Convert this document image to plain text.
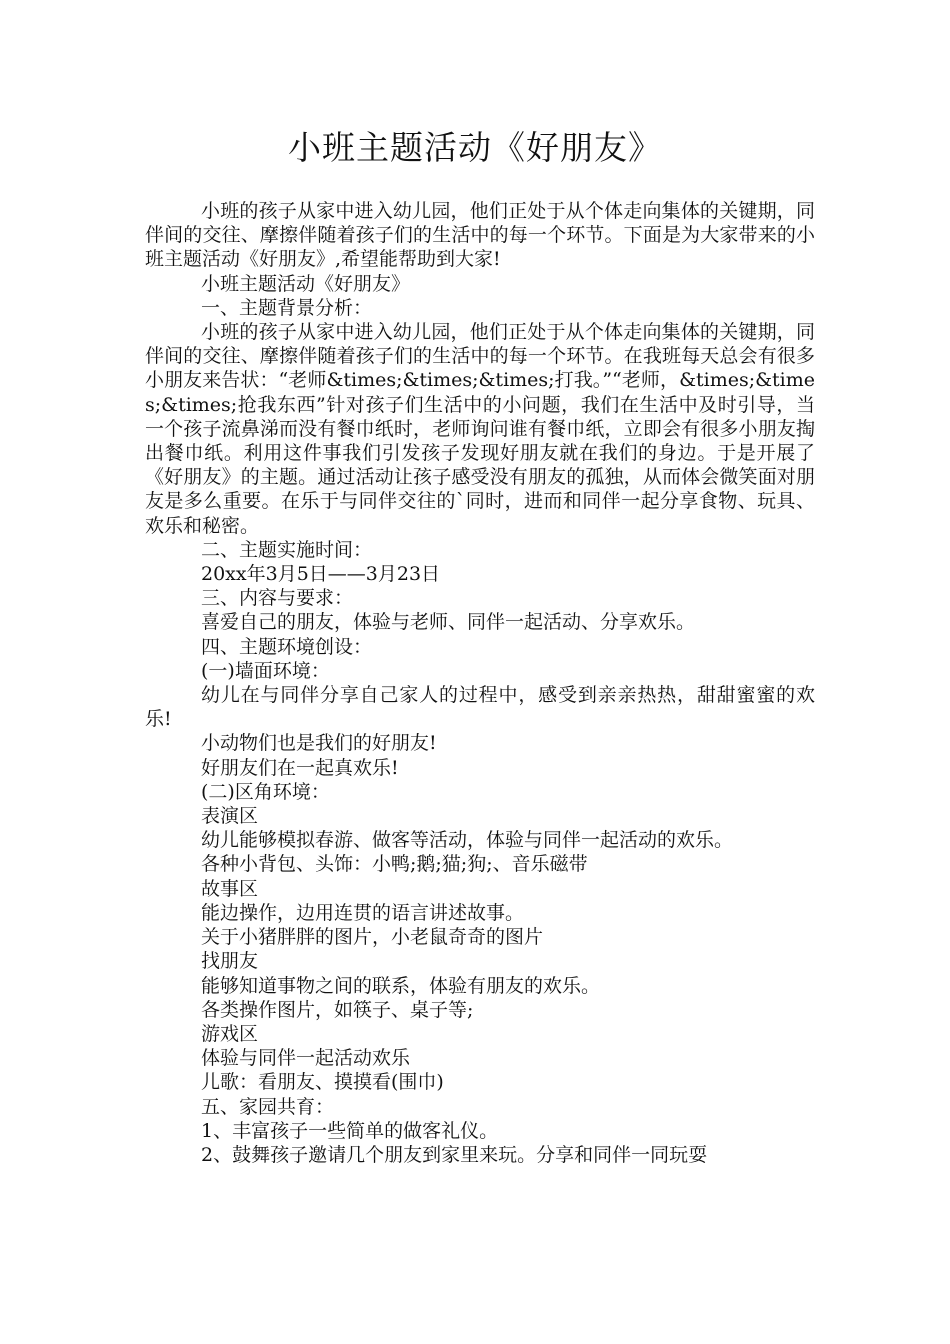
小班主题活动《好朋友》

小班的孩子从家中进入幼儿园，他们正处于从个体走向集体的关键期，同伴间的交往、摩擦伴随着孩子们的生活中的每一个环节。下面是为大家带来的小班主题活动《好朋友》,希望能帮助到大家!

小班主题活动《好朋友》
一、主题背景分析：

小班的孩子从家中进入幼儿园，他们正处于从个体走向集体的关键期，同伴间的交往、摩擦伴随着孩子们的生活中的每一个环节。在我班每天总会有很多小朋友来告状：“老师&times;&times;&times;打我。”“老师，&times;&times;&times;抢我东西”针对孩子们生活中的小问题，我们在生活中及时引导，当一个孩子流鼻涕而没有餐巾纸时，老师询问谁有餐巾纸，立即会有很多小朋友掏出餐巾纸。利用这件事我们引发孩子发现好朋友就在我们的身边。于是开展了《好朋友》的主题。通过活动让孩子感受没有朋友的孤独，从而体会微笑面对朋友是多么重要。在乐于与同伴交往的`同时，进而和同伴一起分享食物、玩具、欢乐和秘密。

二、主题实施时间：
20xx年3月5日——3月23日
三、内容与要求：
喜爱自己的朋友，体验与老师、同伴一起活动、分享欢乐。
四、主题环境创设：
(一)墙面环境：

幼儿在与同伴分享自己家人的过程中，感受到亲亲热热，甜甜蜜蜜的欢乐!

小动物们也是我们的好朋友!
好朋友们在一起真欢乐!
(二)区角环境：
表演区
幼儿能够模拟春游、做客等活动，体验与同伴一起活动的欢乐。
各种小背包、头饰：小鸭;鹅;猫;狗;、音乐磁带
故事区
能边操作，边用连贯的语言讲述故事。
关于小猪胖胖的图片，小老鼠奇奇的图片
找朋友
能够知道事物之间的联系，体验有朋友的欢乐。
各类操作图片，如筷子、桌子等;
游戏区
体验与同伴一起活动欢乐
儿歌：看朋友、摸摸看(围巾)
五、家园共育：
1、丰富孩子一些简单的做客礼仪。
2、鼓舞孩子邀请几个朋友到家里来玩。分享和同伴一同玩耍
